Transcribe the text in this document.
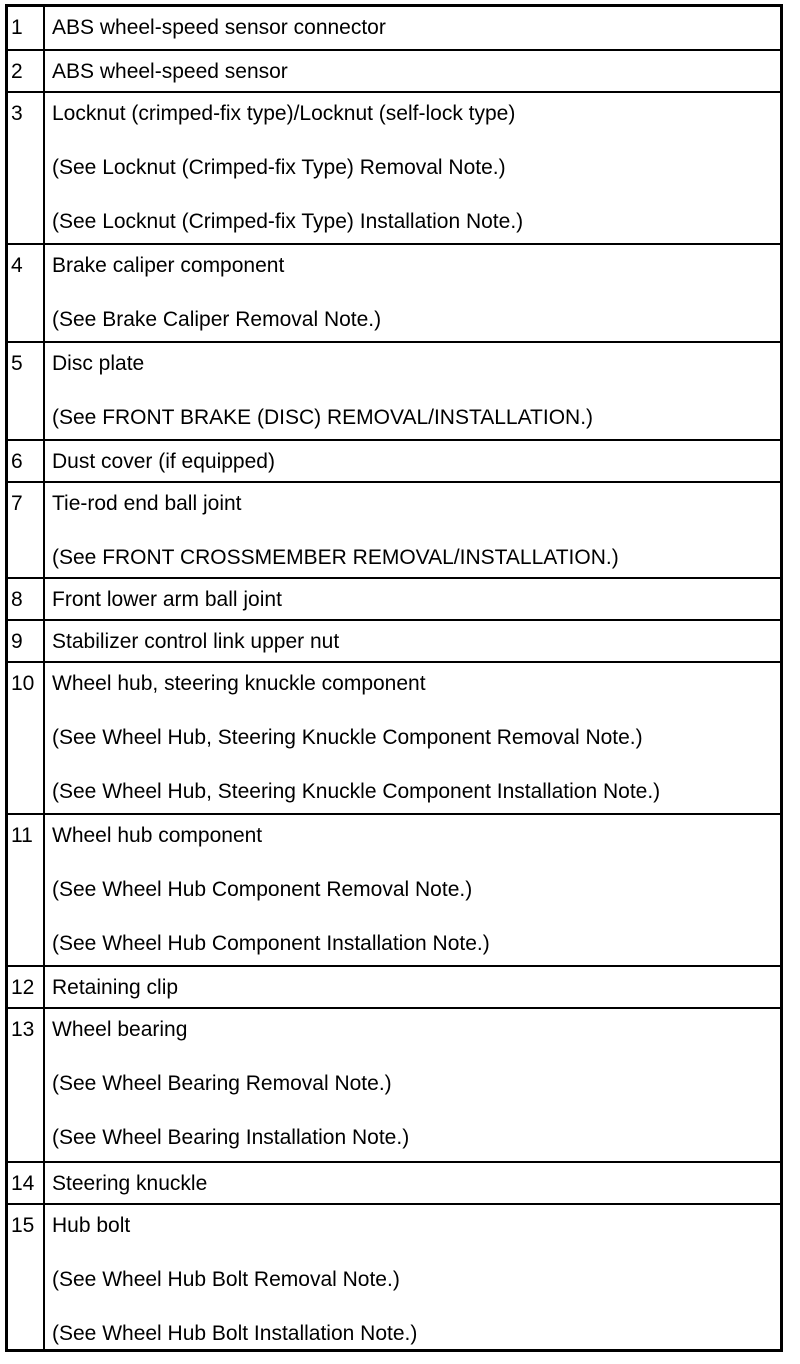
1	ABS wheel-speed sensor connector
2	ABS wheel-speed sensor
3	Locknut (crimped-fix type)/Locknut (self-lock type)
(See Locknut (Crimped-fix Type) Removal Note.)
(See Locknut (Crimped-fix Type) Installation Note.)
4	Brake caliper component
(See Brake Caliper Removal Note.)
5	Disc plate
(See FRONT BRAKE (DISC) REMOVAL/INSTALLATION.)
6	Dust cover (if equipped)
7	Tie-rod end ball joint
(See FRONT CROSSMEMBER REMOVAL/INSTALLATION.)
8	Front lower arm ball joint
9	Stabilizer control link upper nut
10 Wheel hub, steering knuckle component
(See Wheel Hub, Steering Knuckle Component Removal Note.)
(See Wheel Hub, Steering Knuckle Component Installation Note.)
11 Wheel hub component
(See Wheel Hub Component Removal Note.)
(See Wheel Hub Component Installation Note.)
12 Retaining clip
13 Wheel bearing
(See Wheel Bearing Removal Note.)
(See Wheel Bearing Installation Note.)
14 Steering knuckle
15 Hub bolt
(See Wheel Hub Bolt Removal Note.)
(See Wheel Hub Bolt Installation Note.)
